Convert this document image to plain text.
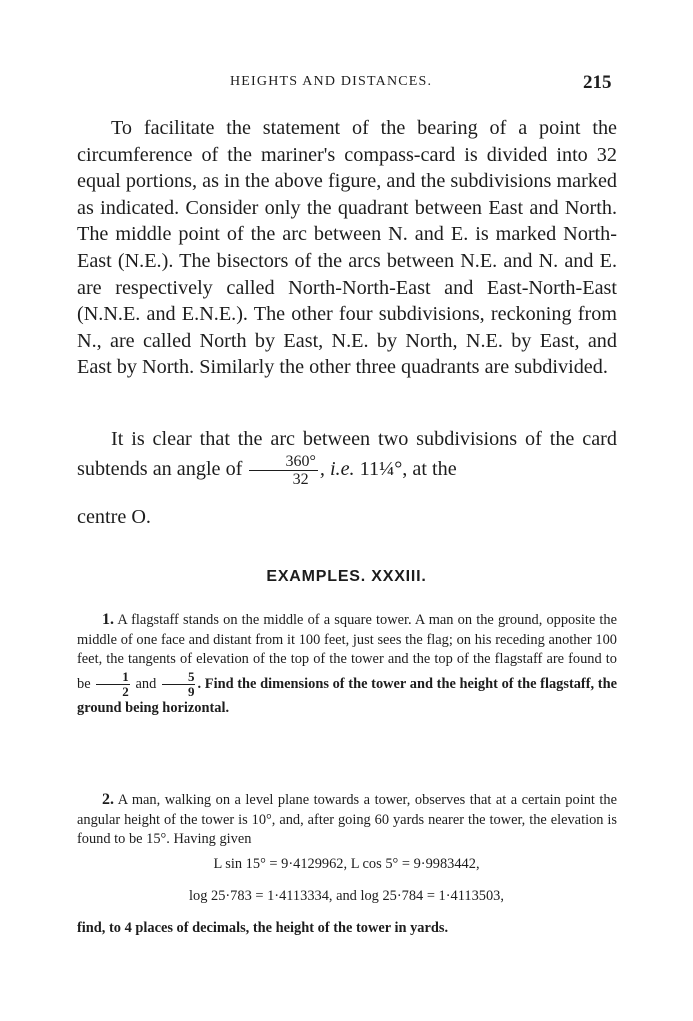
HEIGHTS AND DISTANCES.	215

To facilitate the statement of the bearing of a point the circumference of the mariner's compass-card is divided into 32 equal portions, as in the above figure, and the subdivisions marked as indicated. Consider only the quadrant between East and North. The middle point of the arc between N. and E. is marked North-East (N.E.). The bisectors of the arcs between N.E. and N. and E. are respectively called North-North-East and East-North-East (N.N.E. and E.N.E.). The other four subdivisions, reckoning from N., are called North by East, N.E. by North, N.E. by East, and East by North. Similarly the other three quadrants are subdivided.

It is clear that the arc between two subdivisions of the card subtends an angle of $\frac{360^\circ}{32}$ , i.e. 11¼°, at the

centre O.
EXAMPLES. XXXIII.

1. A flagstaff stands on the middle of a square tower. A man on the ground, opposite the middle of one face and distant from it 100 feet, just sees the flag; on his receding another 100 feet, the tangents of elevation of the top of the tower and the top of the flagstaff are found to be $\frac{1}{2}$ and $\frac{5}{9}$ . Find the dimensions of the tower and the height of the flagstaff, the ground being horizontal.

2. A man, walking on a level plane towards a tower, observes that at a certain point the angular height of the tower is 10°, and, after going 60 yards nearer the tower, the elevation is found to be 15°. Having given

L sin 15° = 9·4129962, L cos 5° = 9·9983442,
log 25·783 = 1·4113334, and log 25·784 = 1·4113503,
find, to 4 places of decimals, the height of the tower in yards.
